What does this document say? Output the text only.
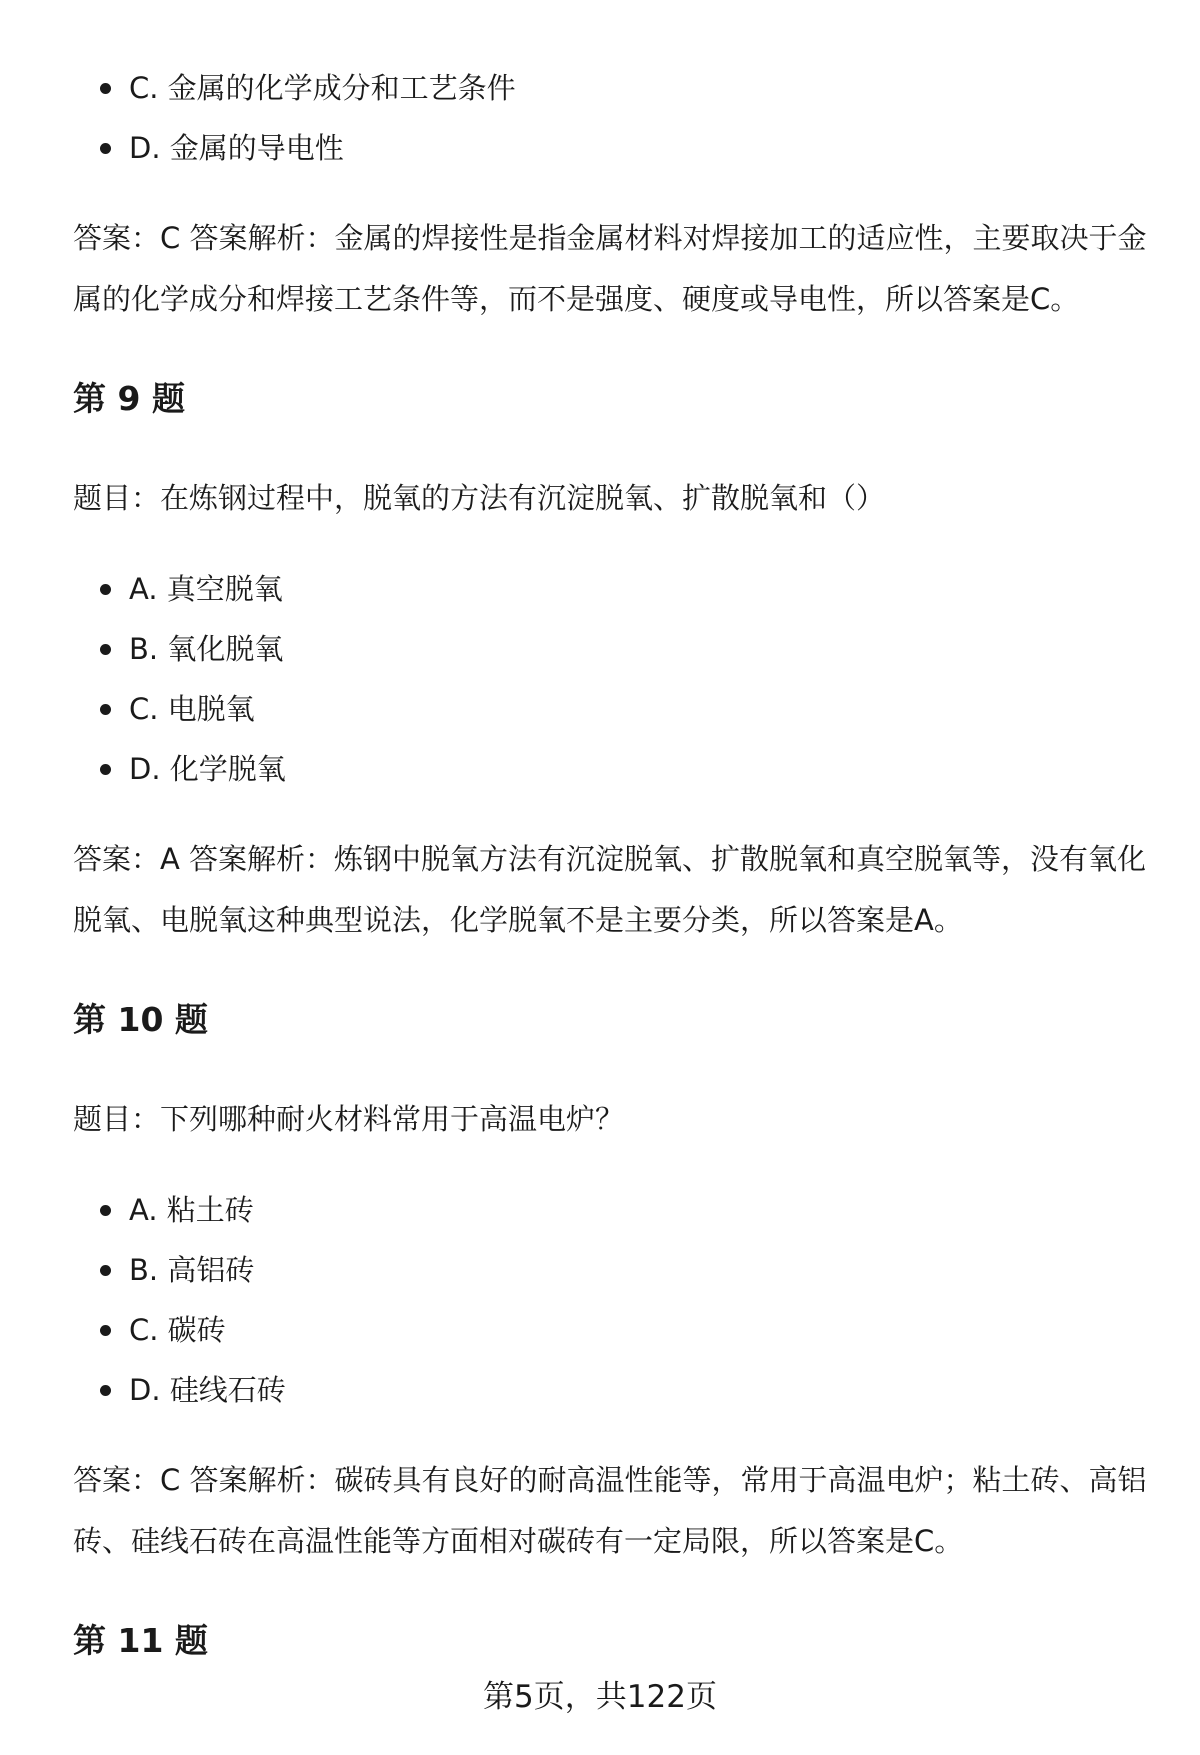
C. 金属的化学成分和工艺条件
D. 金属的导电性

答案：C 答案解析：金属的焊接性是指金属材料对焊接加工的适应性，主要取决于金属的化学成分和焊接工艺条件等，而不是强度、硬度或导电性，所以答案是C。

第 9 题

题目：在炼钢过程中，脱氧的方法有沉淀脱氧、扩散脱氧和（）

A. 真空脱氧
B. 氧化脱氧
C. 电脱氧
D. 化学脱氧

答案：A 答案解析：炼钢中脱氧方法有沉淀脱氧、扩散脱氧和真空脱氧等，没有氧化脱氧、电脱氧这种典型说法，化学脱氧不是主要分类，所以答案是A。

第 10 题

题目：下列哪种耐火材料常用于高温电炉？

A. 粘土砖
B. 高铝砖
C. 碳砖
D. 硅线石砖

答案：C 答案解析：碳砖具有良好的耐高温性能等，常用于高温电炉；粘土砖、高铝砖、硅线石砖在高温性能等方面相对碳砖有一定局限，所以答案是C。

第 11 题
第5页，共122页
